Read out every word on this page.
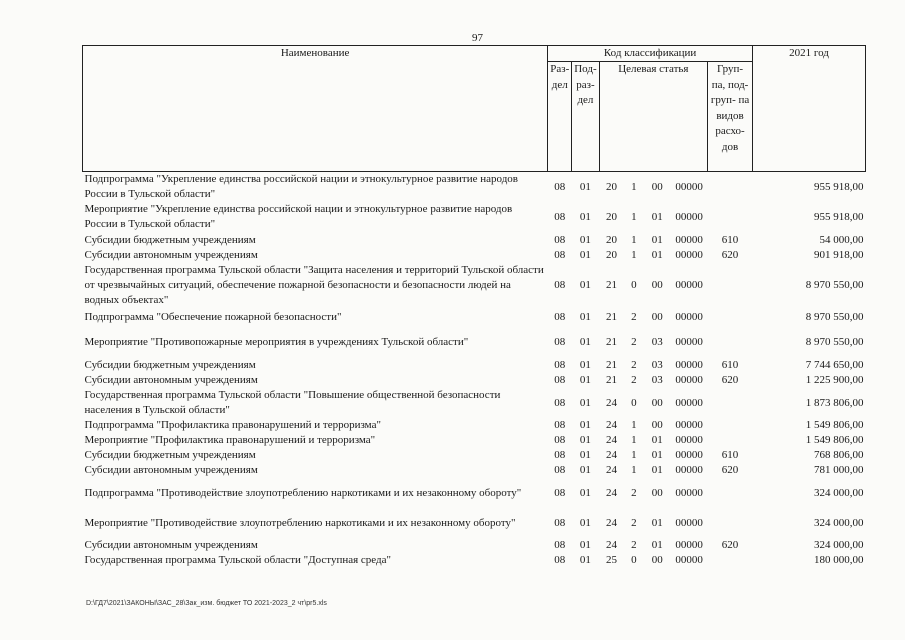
97
Наименование	Код классификации							2021 год
	Раз- дел	Под- раз- дел	Целевая статья				Груп- па, под- груп- па видов расхо- дов	
Подпрограмма "Укрепление единства российской нации и этнокультурное развитие народов России в Тульской области"	08	01	20	1	00	00000		955 918,00
Мероприятие "Укрепление единства российской нации и этнокультурное развитие народов России в Тульской области"	08	01	20	1	01	00000		955 918,00
Субсидии бюджетным учреждениям	08	01	20	1	01	00000	610	54 000,00
Субсидии автономным учреждениям	08	01	20	1	01	00000	620	901 918,00
Государственная программа Тульской области "Защита населения и территорий Тульской области от чрезвычайных ситуаций, обеспечение пожарной безопасности и безопасности людей на водных объектах"	08	01	21	0	00	00000		8 970 550,00
Подпрограмма "Обеспечение пожарной безопасности"	08	01	21	2	00	00000		8 970 550,00
Мероприятие "Противопожарные мероприятия в учреждениях Тульской области"	08	01	21	2	03	00000		8 970 550,00
Субсидии бюджетным учреждениям	08	01	21	2	03	00000	610	7 744 650,00
Субсидии автономным учреждениям	08	01	21	2	03	00000	620	1 225 900,00
Государственная программа Тульской области "Повышение общественной безопасности населения в Тульской области"	08	01	24	0	00	00000		1 873 806,00
Подпрограмма "Профилактика правонарушений и терроризма"	08	01	24	1	00	00000		1 549 806,00
Мероприятие "Профилактика правонарушений и терроризма"	08	01	24	1	01	00000		1 549 806,00
Субсидии бюджетным учреждениям	08	01	24	1	01	00000	610	768 806,00
Субсидии автономным учреждениям	08	01	24	1	01	00000	620	781 000,00
Подпрограмма "Противодействие злоупотреблению наркотиками и их незаконному обороту"	08	01	24	2	00	00000		324 000,00
Мероприятие "Противодействие злоупотреблению наркотиками и их незаконному обороту"	08	01	24	2	01	00000		324 000,00
Субсидии автономным учреждениям	08	01	24	2	01	00000	620	324 000,00
Государственная программа Тульской области "Доступная среда"	08	01	25	0	00	00000		180 000,00
D:\ГД7\2021\ЗАКОНЫ\ЗАС_28\Зак_изм. бюджет ТО 2021-2023_2 чт\pr5.xls
